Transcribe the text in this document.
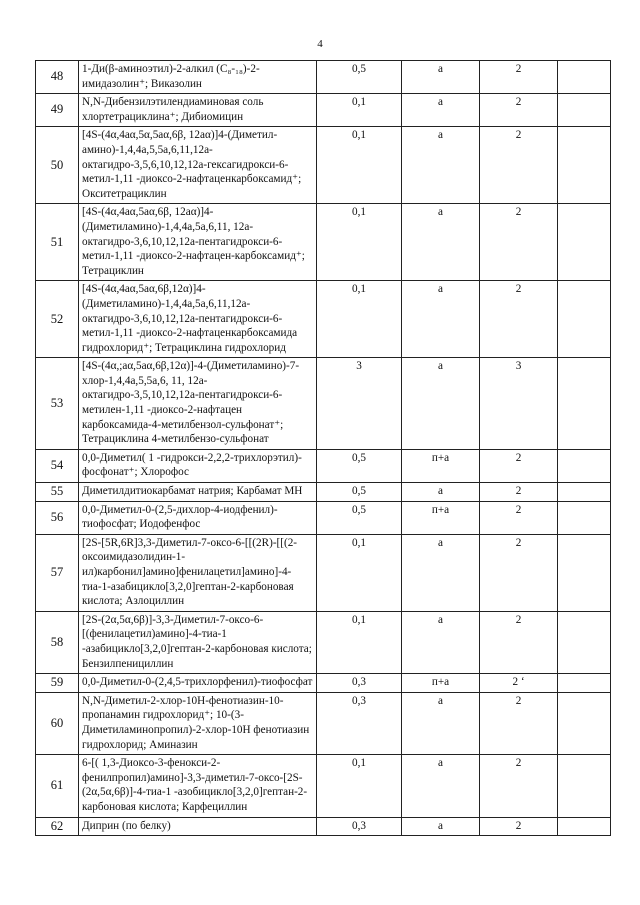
4
48	1-Ди(β-аминоэтил)-2-алкил (C₈-₁₈)-2-имидазолин⁺; Виказолин	0,5	а	2	
49	N,N-Дибензилэтилендиаминовая соль хлортетрациклина⁺; Дибиомицин	0,1	а	2	
50	[4S-(4α,4aα,5α,5aα,6β, 12aα)]4-(Диметил-амино)-1,4,4a,5,5a,6,11,12a-октагидро-3,5,6,10,12,12a-гексагидрокси-6-метил-1,11 -диоксо-2-нафтаценкарбоксамид⁺; Окситетрациклин	0,1	а	2	
51	[4S-(4α,4aα,5aα,6β, 12aα)]4-(Диметиламино)-1,4,4a,5a,6,11, 12a-октагидро-3,6,10,12,12a-пентагидрокси-6-метил-1,11 -диоксо-2-нафтацен-карбоксамид⁺; Тетрациклин	0,1	а	2	
52	[4S-(4α,4aα,5aα,6β,12α)]4-(Диметиламино)-1,4,4a,5a,6,11,12a-октагидро-3,6,10,12,12a-пентагидрокси-6-метил-1,11 -диоксо-2-нафтаценкарбоксамида гидрохлорид⁺; Тетрациклина гидрохлорид	0,1	а	2	
53	[4S-(4α,;aα,5aα,6β,12α)]-4-(Диметиламино)-7-хлор-1,4,4a,5,5a,6, 11, 12a-октагидро-3,5,10,12,12a-пентагидрокси-6-метилен-1,11 -диоксо-2-нафтацен карбоксамида-4-метилбензол-сульфонат⁺; Тетрациклина 4-метилбензо-сульфонат	3	а	3	
54	0,0-Диметил( 1 -гидрокси-2,2,2-трихлорэтил)-фосфонат⁺; Хлорофос	0,5	п+а	2	
55	Диметилдитиокарбамат натрия; Карбамат МН	0,5	а	2	
56	0,0-Диметил-0-(2,5-дихлор-4-иодфенил)-тиофосфат; Иодофенфос	0,5	п+а	2	
57	[2S-[5R,6R]3,3-Диметил-7-оксо-6-[[(2R)-[[(2-оксоимидазолидин-1-ил)карбонил]амино]фенилацетил]амино]-4-тиа-1-азабицикло[3,2,0]гептан-2-карбоновая кислота; Азлоциллин	0,1	а	2	
58	[2S-(2α,5α,6β)]-3,3-Диметил-7-оксо-6-[(фенилацетил)амино]-4-тиа-1 -азабицикло[3,2,0]гептан-2-карбоновая кислота; Бензилпенициллин	0,1	а	2	
59	0,0-Диметил-0-(2,4,5-трихлорфенил)-тиофосфат	0,3	п+а	2 ʻ	
60	N,N-Диметил-2-хлор-10Н-фенотиазин-10-пропанамин гидрохлорид⁺; 10-(3-Диметиламинопропил)-2-хлор-10Н фенотиазин гидрохлорид; Аминазин	0,3	а	2	
61	6-[( 1,3-Диоксо-3-фенокси-2-фенилпропил)амино]-3,3-диметил-7-оксо-[2S-(2α,5α,6β)]-4-тиа-1 -азобицикло[3,2,0]гептан-2-карбоновая кислота; Карфециллин	0,1	а	2	
62	Диприн (по белку)	0,3	а	2	
